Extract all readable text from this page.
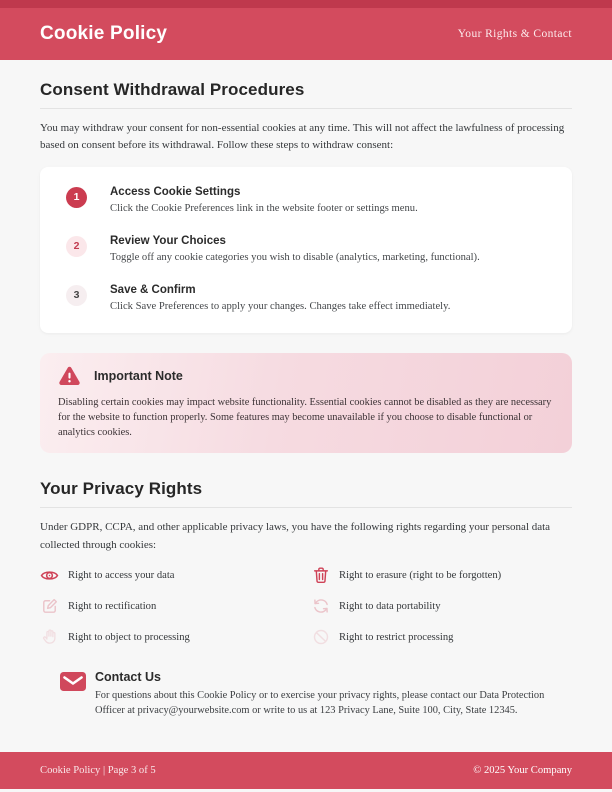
Cookie Policy	Your Rights & Contact
Consent Withdrawal Procedures

You may withdraw your consent for non-essential cookies at any time. This will not affect the lawfulness of processing based on consent before its withdrawal. Follow these steps to withdraw consent:

1	Access Cookie Settings
Click the Cookie Preferences link in the website footer or settings menu.
2	Review Your Choices
Toggle off any cookie categories you wish to disable (analytics, marketing, functional).
3	Save & Confirm
Click Save Preferences to apply your changes. Changes take effect immediately.
Important Note
Disabling certain cookies may impact website functionality. Essential cookies cannot be disabled as they are necessary for the website to function properly. Some features may become unavailable if you choose to disable functional or analytics cookies.
Your Privacy Rights

Under GDPR, CCPA, and other applicable privacy laws, you have the following rights regarding your personal data collected through cookies:

Right to access your data	Right to erasure (right to be forgotten)
Right to rectification	Right to data portability
Right to object to processing	Right to restrict processing
Contact Us
For questions about this Cookie Policy or to exercise your privacy rights, please contact our Data Protection Officer at privacy@yourwebsite.com or write to us at 123 Privacy Lane, Suite 100, City, State 12345.
Cookie Policy | Page 3 of 5	© 2025 Your Company
